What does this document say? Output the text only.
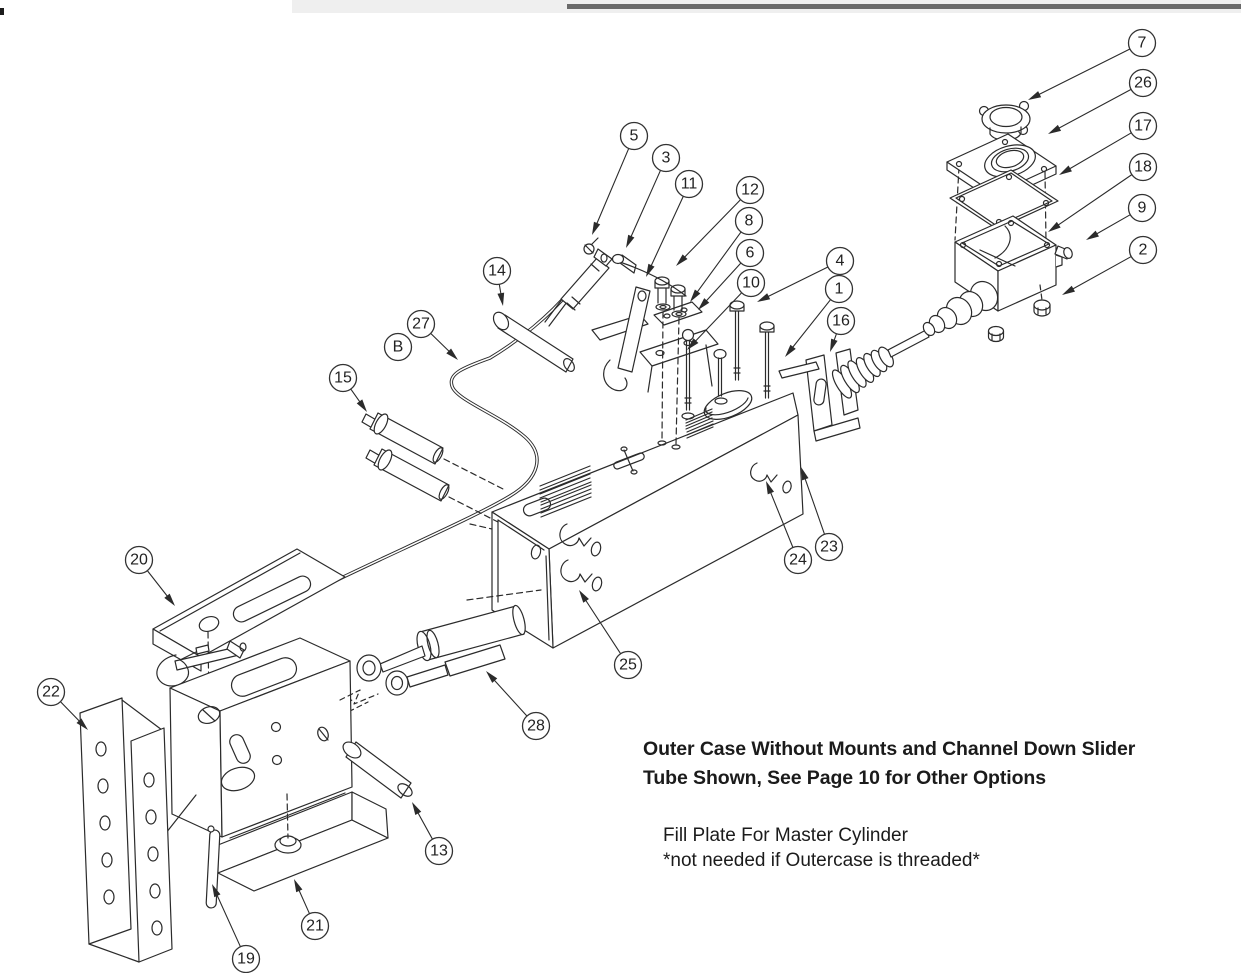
1
2
3
4
5
6
7
8
9
10
11	12
13
14
15
16
17
18
19
20
21
22
23
24
25
26
27
28
B
Outer Case Without Mounts and Channel Down Slider
Tube Shown, See Page 10 for Other Options
Fill Plate For Master Cylinder
*not needed if Outercase is threaded*
